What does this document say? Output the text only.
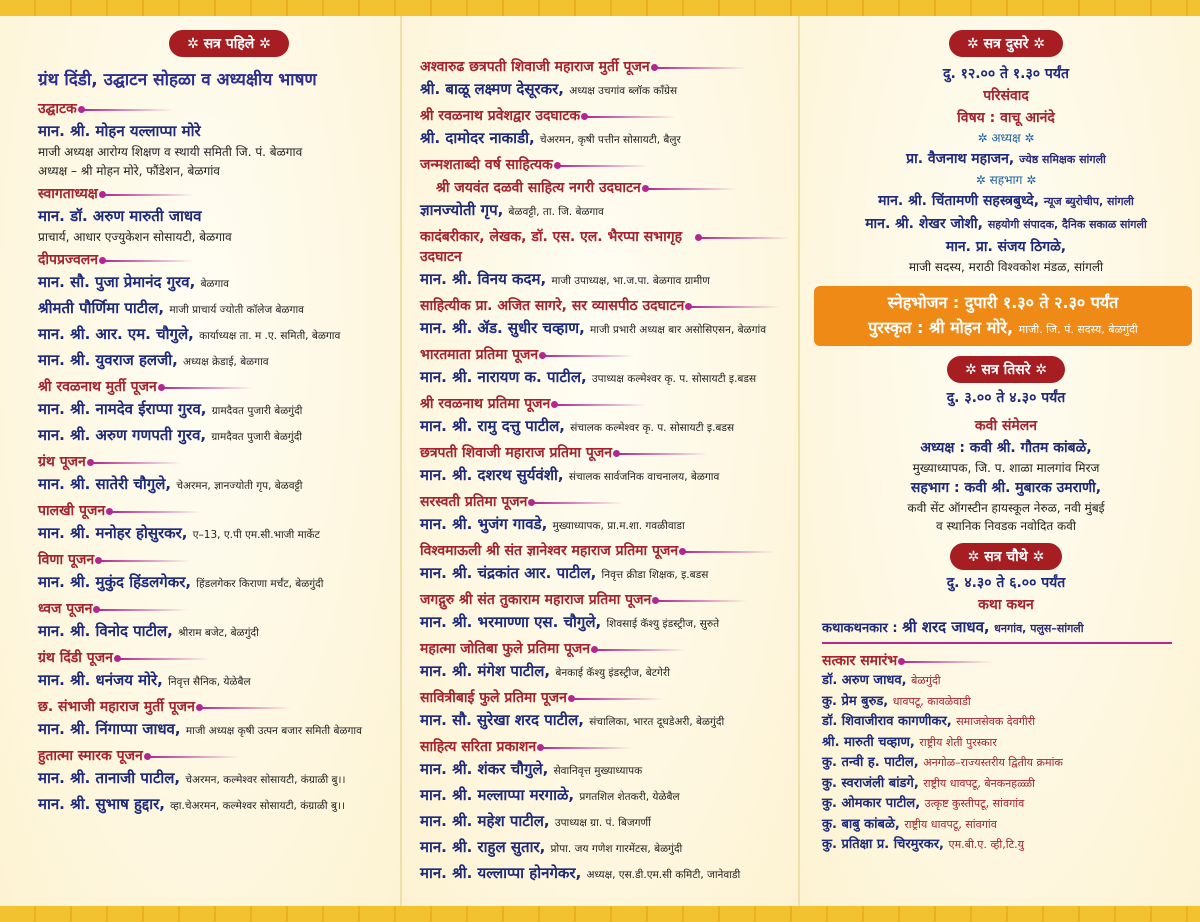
✲ सत्र पहिले ✲
ग्रंथ दिंडी, उद्घाटन सोहळा व अध्यक्षीय भाषण
उद्घाटक
मान. श्री. मोहन यल्लाप्पा मोरे
माजी अध्यक्ष आरोग्य शिक्षण व स्थायी समिती जि. पं. बेळगाव
अध्यक्ष – श्री मोहन मोरे, फौंडेशन, बेळगांव
स्वागताध्यक्ष
मान. डॉ. अरुण मारुती जाधव
प्राचार्य, आधार एज्युकेशन सोसायटी, बेळगाव
दीपप्रज्वलन
मान. सौ. पुजा प्रेमानंद गुरव, बेळगाव
श्रीमती पौर्णिमा पाटील, माजी प्राचार्य ज्योती कॉलेज बेळगाव
मान. श्री. आर. एम. चौगुले, कार्याध्यक्ष ता. म .ए. समिती, बेळगाव
मान. श्री. युवराज हलजी, अध्यक्ष क्रेडाई, बेळगाव
श्री रवळनाथ मुर्ती पूजन
मान. श्री. नामदेव ईराप्पा गुरव, ग्रामदैवत पुजारी बेळगुंदी
मान. श्री. अरुण गणपती गुरव, ग्रामदैवत पुजारी बेळगुंदी
ग्रंथ पूजन
मान. श्री. सातेरी चौगुले, चेअरमन, ज्ञानज्योती गृप, बेळवट्टी
पालखी पूजन
मान. श्री. मनोहर होसुरकर, ए–13, ए.पी एम.सी.भाजी मार्केट
विणा पूजन
मान. श्री. मुकुंद हिंडलगेकर, हिंडलगेकर किराणा मर्चंट, बेळगुंदी
ध्वज पूजन
मान. श्री. विनोद पाटील, श्रीराम बजेट, बेळगुंदी
ग्रंथ दिंडी पूजन
मान. श्री. धनंजय मोरे, निवृत्त सैनिक, येळेबैल
छ. संभाजी महाराज मुर्ती पूजन
मान. श्री. निंगाप्पा जाधव, माजी अध्यक्ष कृषी उत्पन बजार समिती बेळगाव
हुतात्मा स्मारक पूजन
मान. श्री. तानाजी पाटील, चेअरमन, कल्मेश्वर सोसायटी, कंग्राळी बु।।
मान. श्री. सुभाष हुद्दार, व्हा.चेअरमन, कल्मेश्वर सोसायटी, कंग्राळी बु।।
अश्वारुढ छत्रपती शिवाजी महाराज मुर्ती पूजन
श्री. बाळू लक्ष्मण देसूरकर, अध्यक्ष उचगांव ब्लॉक कॉंग्रेस
श्री रवळनाथ प्रवेशद्वार उदघाटक
श्री. दामोदर नाकाडी, चेअरमन, कृषी पत्तीन सोसायटी, बैलुर
जन्मशताब्दी वर्ष साहित्यक
श्री जयवंत दळवी साहित्य नगरी उदघाटन
ज्ञानज्योती गृप, बेळवट्टी, ता. जि. बेळगाव
कादंबरीकार, लेखक, डॉ. एस. एल. भैरप्पा सभागृह उदघाटन
मान. श्री. विनय कदम, माजी उपाध्यक्ष, भा.ज.पा. बेळगाव ग्रामीण
साहित्यीक प्रा. अजित सागरे, सर व्यासपीठ उदघाटन
मान. श्री. ॲड. सुधीर चव्हाण, माजी प्रभारी अध्यक्ष बार असोसिएसन, बेळगांव
भारतमाता प्रतिमा पूजन
मान. श्री. नारायण क. पाटील, उपाध्यक्ष कल्मेश्वर कृ. प. सोसायटी इ.बडस
श्री रवळनाथ प्रतिमा पूजन
मान. श्री. रामु दत्तु पाटील, संचालक कल्मेश्वर कृ. प. सोसायटी इ.बडस
छत्रपती शिवाजी महाराज प्रतिमा पूजन
मान. श्री. दशरथ सुर्यवंशी, संचालक सार्वजनिक वाचनालय, बेळगाव
सरस्वती प्रतिमा पूजन
मान. श्री. भुजंग गावडे, मुख्याध्यापक, प्रा.म.शा. गवळीवाडा
विश्वमाऊली श्री संत ज्ञानेश्वर महाराज प्रतिमा पूजन
मान. श्री. चंद्रकांत आर. पाटील, निवृत्त क्रीडा शिक्षक, इ.बडस
जगद्गुरु श्री संत तुकाराम महाराज प्रतिमा पूजन
मान. श्री. भरमाण्णा एस. चौगुले, शिवसाई कॅश्यु इंडस्ट्रीज, सुरुते
महात्मा जोतिबा फुले प्रतिमा पूजन
मान. श्री. मंगेश पाटील, बेनकाई कॅश्यु इंडस्ट्रीज, बेटगेरी
सावित्रीबाई फुले प्रतिमा पूजन
मान. सौ. सुरेखा शरद पाटील, संचालिका, भारत दूधडेअरी, बेळगुंदी
साहित्य सरिता प्रकाशन
मान. श्री. शंकर चौगुले, सेवानिवृत्त मुख्याध्यापक
मान. श्री. मल्लाप्पा मरगाळे, प्रगतशिल शेतकरी, येळेबैल
मान. श्री. महेश पाटील, उपाध्यक्ष ग्रा. पं. बिजगर्णी
मान. श्री. राहुल सुतार, प्रोपा. जय गणेश गारमेंटस, बेळगुंदी
मान. श्री. यल्लाप्पा होनगेकर, अध्यक्ष, एस.डी.एम.सी कमिटी, जानेवाडी
✲ सत्र दुसरे ✲
दु. १२.०० ते १.३० पर्यंत
परिसंवाद
विषय : वाचू आनंदे
✲ अध्यक्ष ✲
प्रा. वैजनाथ महाजन, ज्येष्ठ समिक्षक सांगली
✲ सहभाग ✲
मान. श्री. चिंतामणी सहस्त्रबुध्दे, न्यूज ब्युरोचीप, सांगली
मान. श्री. शेखर जोशी, सहयोगी संपादक, दैनिक सकाळ सांगली
मान. प्रा. संजय ठिगळे,
माजी सदस्य, मराठी विश्वकोश मंडळ, सांगली
स्नेहभोजन : दुपारी १.३० ते २.३० पर्यंत
पुरस्कृत : श्री मोहन मोरे, माजी. जि. पं. सदस्य, बेळगुंदी
✲ सत्र तिसरे ✲
दु. ३.०० ते ४.३० पर्यंत
कवी संमेलन
अध्यक्ष : कवी श्री. गौतम कांबळे,
मुख्याध्यापक, जि. प. शाळा मालगांव मिरज
सहभाग : कवी श्री. मुबारक उमराणी,
कवी सेंट ऑगस्टीन हायस्कूल नेरुळ, नवी मुंबई
व स्थानिक निवडक नवोदित कवी
✲ सत्र चौथे ✲
दु. ४.३० ते ६.०० पर्यंत
कथा कथन
कथाकथनकार : श्री शरद जाधव, धनगांव, पलुस–सांगली
सत्कार समारंभ
डॉ. अरुण जाधव, बेळगुंदी
कु. प्रेम बुरुड, धावपटू, कावळेवाडी
डॉ. शिवाजीराव कागणीकर, समाजसेवक देवगीरी
श्री. मारुती चव्हाण, राष्ट्रीय शेती पुरस्कार
कु. तन्वी ह. पाटील, अनगोळ–राज्यस्तरीय द्वितीय क्रमांक
कु. स्वराजंली बांडगे, राष्ट्रीय धावपटू, बेनकनहळ्ळी
कु. ओमकार पाटील, उत्कृष्ट कुस्तीपटू, सांवगांव
कु. बाबु कांबळे, राष्ट्रीय धावपटू, सांवगांव
कु. प्रतिक्षा प्र. चिरमुरकर, एम.बी.ए. व्ही,टि.यु
